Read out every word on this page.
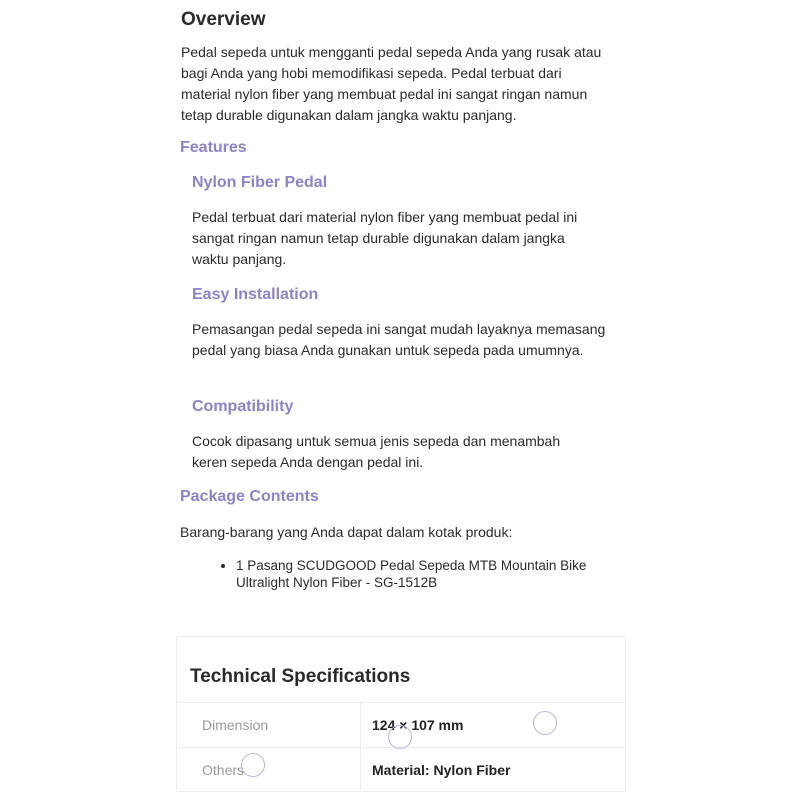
Overview
Pedal sepeda untuk mengganti pedal sepeda Anda yang rusak atau bagi Anda yang hobi memodifikasi sepeda. Pedal terbuat dari material nylon fiber yang membuat pedal ini sangat ringan namun tetap durable digunakan dalam jangka waktu panjang.
Features
Nylon Fiber Pedal
Pedal terbuat dari material nylon fiber yang membuat pedal ini sangat ringan namun tetap durable digunakan dalam jangka waktu panjang.
Easy Installation
Pemasangan pedal sepeda ini sangat mudah layaknya memasang pedal yang biasa Anda gunakan untuk sepeda pada umumnya.
Compatibility
Cocok dipasang untuk semua jenis sepeda dan menambah keren sepeda Anda dengan pedal ini.
Package Contents
Barang-barang yang Anda dapat dalam kotak produk:
• 1 Pasang SCUDGOOD Pedal Sepeda MTB Mountain Bike Ultralight Nylon Fiber - SG-1512B
Technical Specifications
Dimension	124 × 107 mm
Others	Material: Nylon Fiber
